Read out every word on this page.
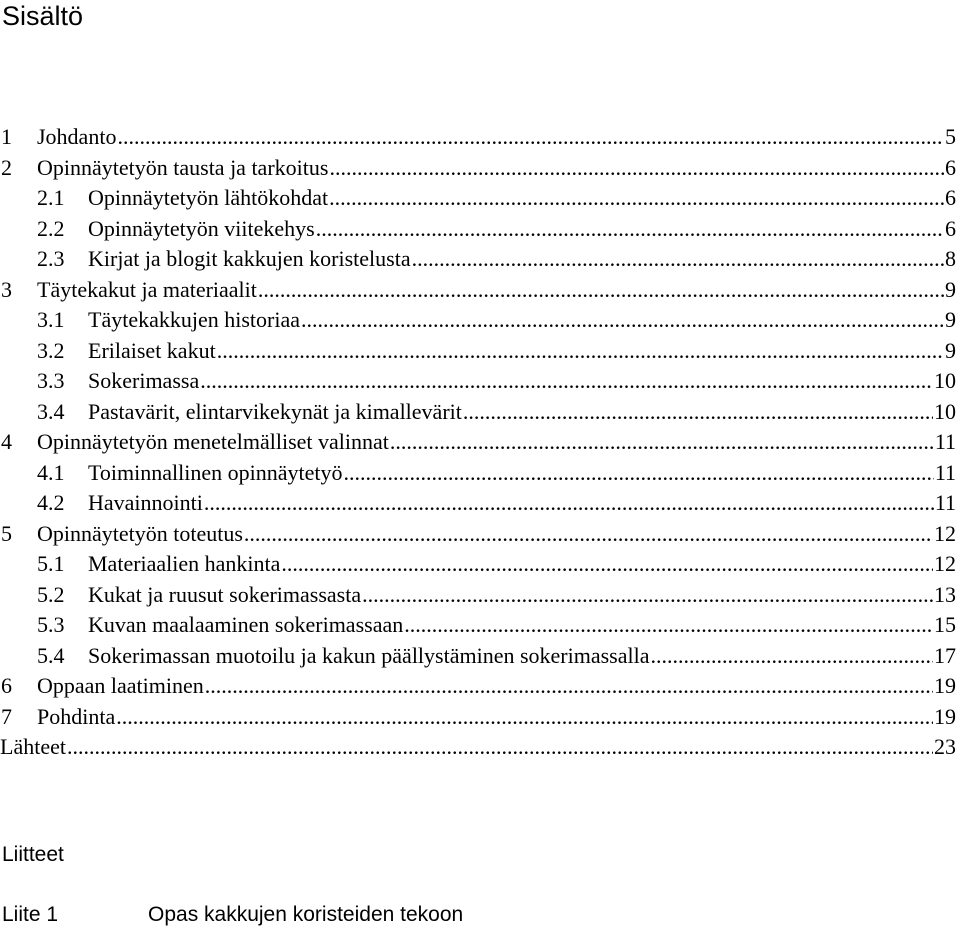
Sisältö
1	Johdanto .....	5
2	Opinnäytetyön tausta ja tarkoitus .....	6
2.1	Opinnäytetyön lähtökohdat .....	6
2.2	Opinnäytetyön viitekehys .....	6
2.3	Kirjat ja blogit kakkujen koristelusta .....	8
3	Täytekakut ja materiaalit .....	9
3.1	Täytekakkujen historiaa .....	9
3.2	Erilaiset kakut .....	9
3.3	Sokerimassa .....	10
3.4	Pastavärit, elintarvikekynät ja kimallevärit .....	10
4	Opinnäytetyön menetelmälliset valinnat .....	11
4.1	Toiminnallinen opinnäytetyö .....	11
4.2	Havainnointi .....	11
5	Opinnäytetyön toteutus .....	12
5.1	Materiaalien hankinta .....	12
5.2	Kukat ja ruusut sokerimassasta .....	13
5.3	Kuvan maalaaminen sokerimassaan .....	15
5.4	Sokerimassan muotoilu ja kakun päällystäminen sokerimassalla .....	17
6	Oppaan laatiminen .....	19
7	Pohdinta .....	19
Lähteet .....	23
Liitteet
Liite 1	Opas kakkujen koristeiden tekoon
